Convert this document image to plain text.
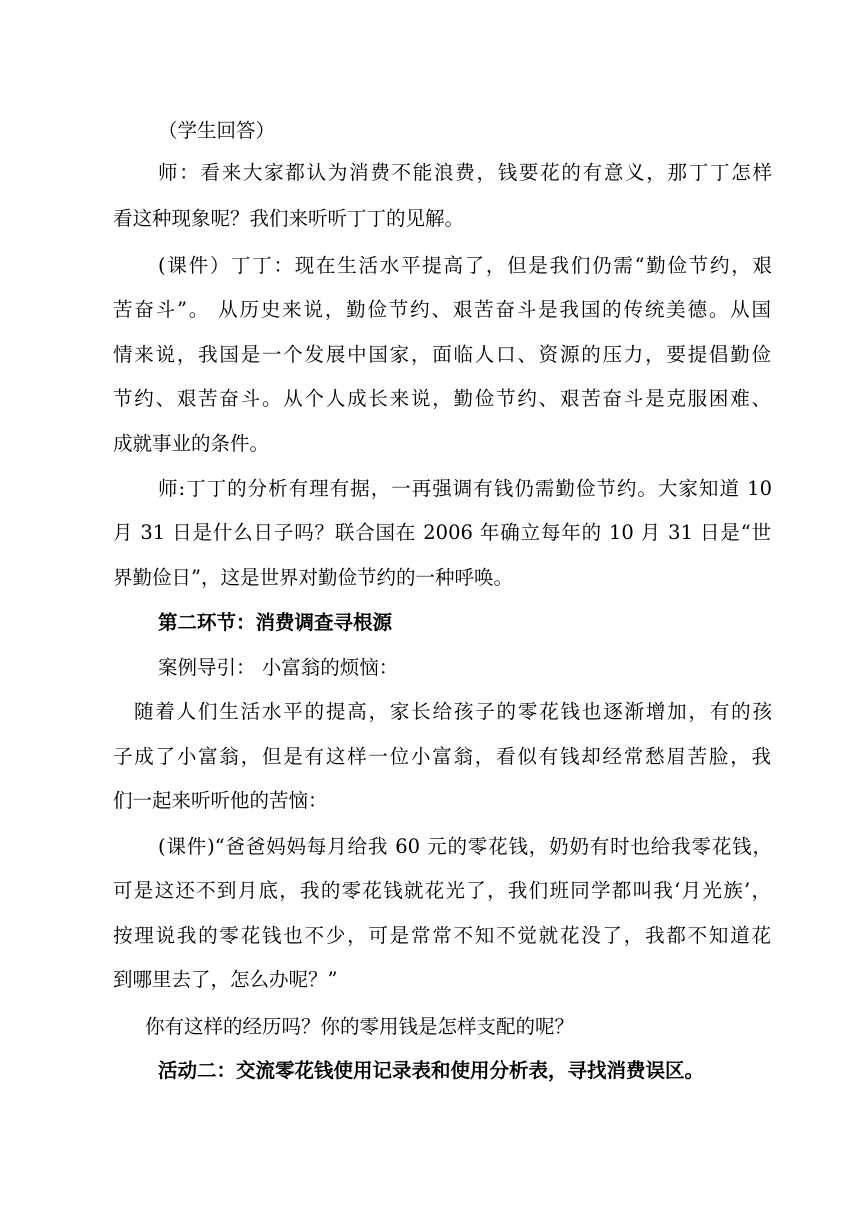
（学生回答）
师：看来大家都认为消费不能浪费，钱要花的有意义，那丁丁怎样
看这种现象呢？我们来听听丁丁的见解。
(课件）丁丁：现在生活水平提高了，但是我们仍需“勤俭节约，艰
苦奋斗”。 从历史来说，勤俭节约、艰苦奋斗是我国的传统美德。从国
情来说，我国是一个发展中国家，面临人口、资源的压力，要提倡勤俭
节约、艰苦奋斗。从个人成长来说，勤俭节约、艰苦奋斗是克服困难、
成就事业的条件。
师:丁丁的分析有理有据，一再强调有钱仍需勤俭节约。大家知道 10
月 31 日是什么日子吗？联合国在 2006 年确立每年的 10 月 31 日是“世
界勤俭日”，这是世界对勤俭节约的一种呼唤。
第二环节：消费调查寻根源
案例导引： 小富翁的烦恼：
随着人们生活水平的提高，家长给孩子的零花钱也逐渐增加，有的孩
子成了小富翁，但是有这样一位小富翁，看似有钱却经常愁眉苦脸，我
们一起来听听他的苦恼：
(课件)“爸爸妈妈每月给我 60 元的零花钱，奶奶有时也给我零花钱，
可是这还不到月底，我的零花钱就花光了，我们班同学都叫我‘月光族’，
按理说我的零花钱也不少，可是常常不知不觉就花没了，我都不知道花
到哪里去了，怎么办呢？”
你有这样的经历吗？你的零用钱是怎样支配的呢？
活动二：交流零花钱使用记录表和使用分析表，寻找消费误区。
